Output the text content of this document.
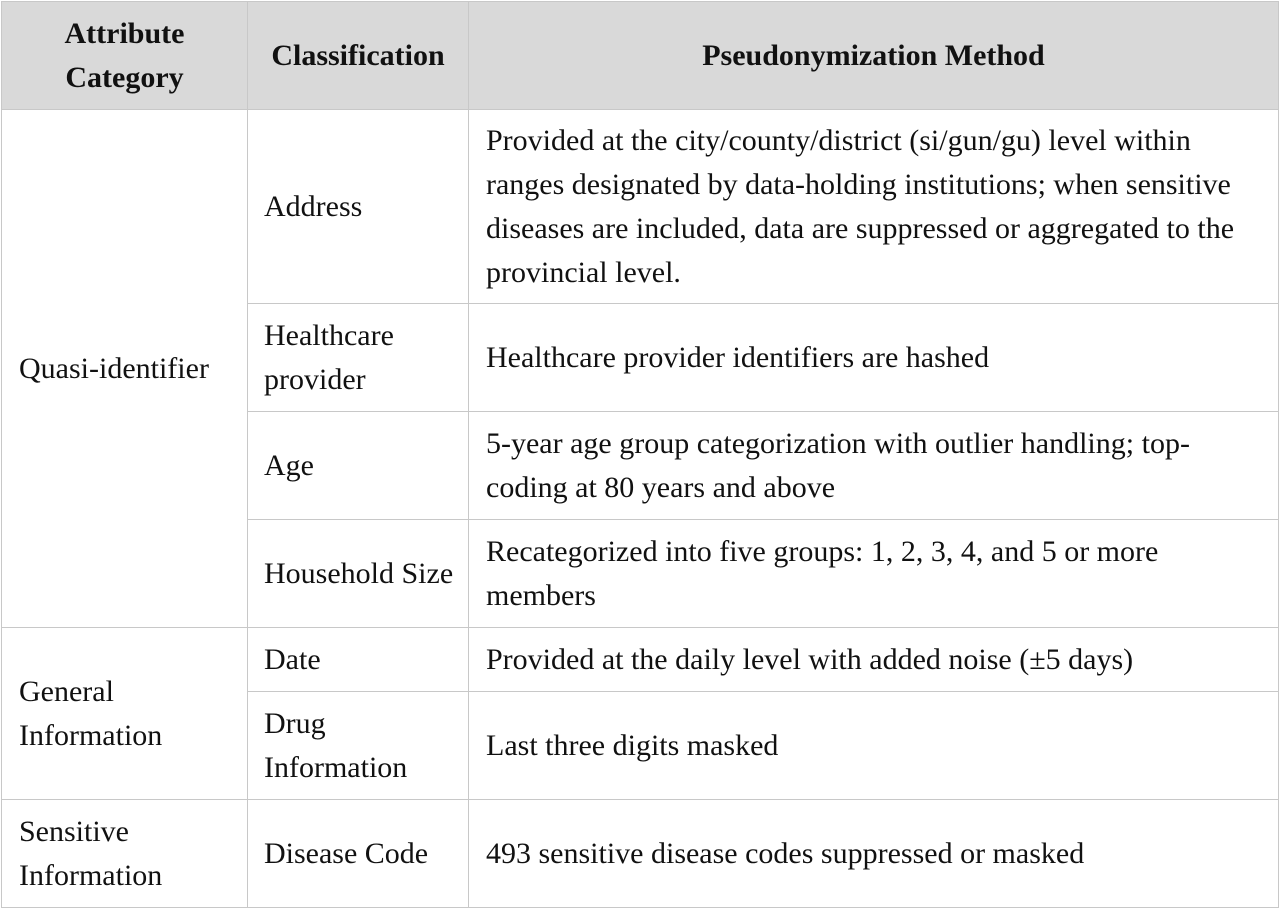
Attribute Category	Classification	Pseudonymization Method
Quasi-identifier	Address	Provided at the city/county/district (si/gun/gu) level within ranges designated by data-holding institutions; when sensitive diseases are included, data are suppressed or aggregated to the provincial level.
	Healthcare provider	Healthcare provider identifiers are hashed
	Age	5-year age group categorization with outlier handling; top-coding at 80 years and above
	Household Size	Recategorized into five groups: 1, 2, 3, 4, and 5 or more members
General Information	Date	Provided at the daily level with added noise (±5 days)
	Drug Information	Last three digits masked
Sensitive Information	Disease Code	493 sensitive disease codes suppressed or masked
